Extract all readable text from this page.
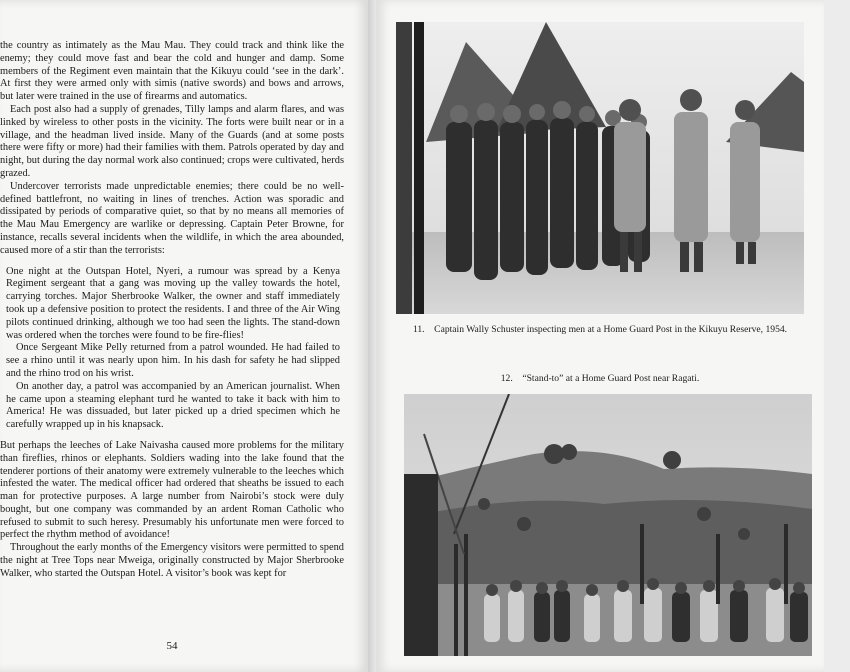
the country as intimately as the Mau Mau. They could track and think like the enemy; they could move fast and bear the cold and hunger and damp. Some members of the Regiment even maintain that the Kikuyu could ‘see in the dark’. At first they were armed only with simis (native swords) and bows and arrows, but later were trained in the use of firearms and automatics.

Each post also had a supply of grenades, Tilly lamps and alarm flares, and was linked by wireless to other posts in the vicinity. The forts were built near or in a village, and the headman lived inside. Many of the Guards (and at some posts there were fifty or more) had their families with them. Patrols operated by day and night, but during the day normal work also continued; crops were cultivated, herds grazed.

Undercover terrorists made unpredictable enemies; there could be no well-defined battlefront, no waiting in lines of trenches. Action was sporadic and dissipated by periods of comparative quiet, so that by no means all memories of the Mau Mau Emergency are warlike or depressing. Captain Peter Browne, for instance, recalls several incidents when the wildlife, in which the area abounded, caused more of a stir than the terrorists:

One night at the Outspan Hotel, Nyeri, a rumour was spread by a Kenya Regiment sergeant that a gang was moving up the valley towards the hotel, carrying torches. Major Sherbrooke Walker, the owner and staff immediately took up a defensive position to protect the residents. I and three of the Air Wing pilots continued drinking, although we too had seen the lights. The stand-down was ordered when the torches were found to be fire-flies!

Once Sergeant Mike Pelly returned from a patrol wounded. He had failed to see a rhino until it was nearly upon him. In his dash for safety he had slipped and the rhino trod on his wrist.

On another day, a patrol was accompanied by an American journalist. When he came upon a steaming elephant turd he wanted to take it back with him to America! He was dissuaded, but later picked up a dried specimen which he carefully wrapped up in his knapsack.

But perhaps the leeches of Lake Naivasha caused more problems for the military than fireflies, rhinos or elephants. Soldiers wading into the lake found that the tenderer portions of their anatomy were extremely vulnerable to the leeches which infested the water. The medical officer had ordered that sheaths be issued to each man for protective purposes. A large number from Nairobi’s stock were duly bought, but one company was commanded by an ardent Roman Catholic who refused to submit to such heresy. Presumably his unfortunate men were forced to perfect the rhythm method of avoidance!

Throughout the early months of the Emergency visitors were permitted to spend the night at Tree Tops near Mweiga, originally constructed by Major Sherbrooke Walker, who started the Outspan Hotel. A visitor’s book was kept for

54
11. Captain Wally Schuster inspecting men at a Home Guard Post in the Kikuyu Reserve, 1954.
12. “Stand-to” at a Home Guard Post near Ragati.
